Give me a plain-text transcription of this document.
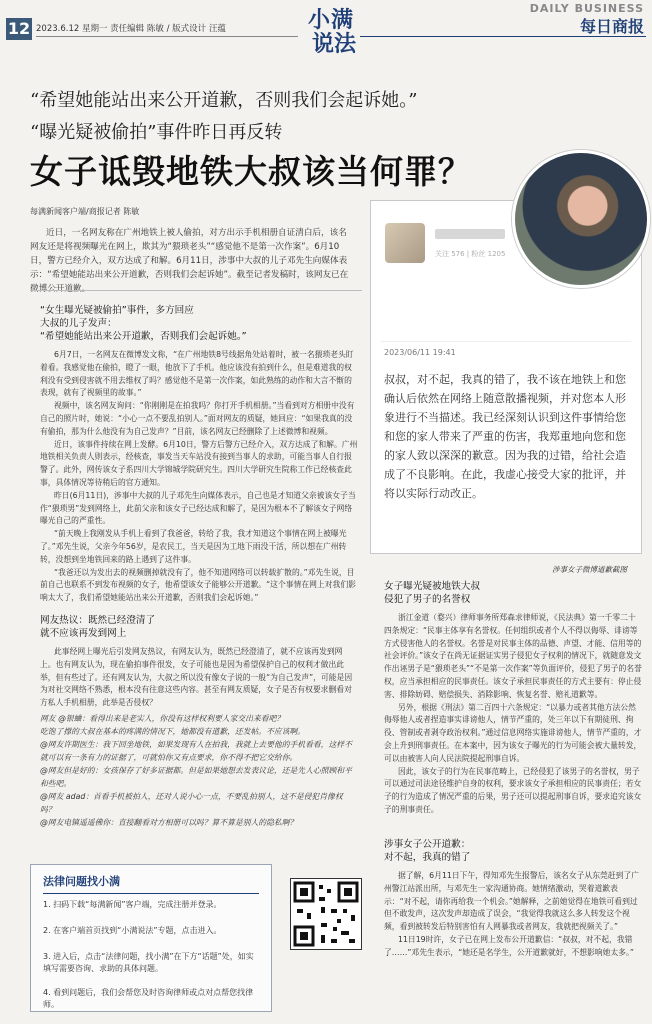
12 2023.6.12 星期一 责任编辑 陈敏 / 版式设计 汪蕴	小满
说法
DAILY BUSINESS
每日商报
“希望她能站出来公开道歉，否则我们会起诉她。”
“曝光疑被偷拍”事件昨日再反转
女子诋毁地铁大叔该当何罪？
每满新闻客户端/商报记者 陈敏
近日，一名网友称在广州地铁上被人偷拍，对方出示手机相册自证清白后，该名网友还是将视频曝光在网上，欺其为“猥琐老头”“感觉他不是第一次作案”。6月10日，警方已经介入，双方达成了和解。6月11日，涉事中大叔的儿子邓先生向媒体表示：“希望她能站出来公开道歉，否则我们会起诉她”。截至记者发稿时，该网友已在微博公开道歉。
“女生曝光疑被偷拍”事件，多方回应
大叔的儿子发声：
“希望她能站出来公开道歉，否则我们会起诉她。”

6月7日，一名网友在微博发文称，“在广州地铁8号线据角处站着时，被一名猥琐老头盯着看。我感觉他在偷拍，瞪了一眼，他放下了手机。他应该没有拍到什么，但是难道我的权利没有受到侵害就不用去维权了吗？感觉他不是第一次作案，如此熟练的动作和大言不惭的表现，就有了视频里的故事。”

视频中，该名网友询问：“你刚刚是在拍我吗？你打开手机相册。”当看到对方相册中没有自己的照片时，她说：“小心一点不要乱拍别人。”面对网友的质疑，她回应：“如果我真的没有偷拍，那为什么他没有为自己发声？”目前，该名网友已经删除了上述微博和视频。

近日，该事件持续在网上发酵。6月10日，警方后警方已经介入，双方达成了和解。广州地铁相关负责人则表示，经核查，事发当天车站没有接到当事人的求助，可能当事人自行报警了。此外，网传该女子系四川大学锦城学院研究生。四川大学研究生院称工作已经核查此事，具体情况等待稍后的官方通知。

昨日(6月11日)，涉事中大叔的儿子邓先生向媒体表示，自己也是才知道父亲被该女子当作“猥琐男”发到网络上，此前父亲和该女子已经达成和解了，是因为根本不了解该女子网络曝光自己的严重性。

“前天晚上我刚发从手机上看到了我爸爸，转给了我，我才知道这个事情在网上被曝光了。”邓先生说，父亲今年56岁，是农民工，当天是因为工地下雨没干活，所以想在广州转转，没想到坐地铁回来的路上遇到了这件事。

“我爸还以为发出去的视频删掉就没有了，他不知道网络可以转载扩散的。”邓先生说，目前自己也联系不到发布视频的女子，他希望该女子能够公开道歉。“这个事情在网上对我们影响太大了，我们希望她能站出来公开道歉，否则我们会起诉她。”

网友热议：既然已经澄清了
就不应该再发到网上

此事经网上曝光后引发网友热议，有网友认为，既然已经澄清了，就不应该再发到网上。也有网友认为，现在偷拍事件很发，女子可能也是因为希望保护自己的权利才做出此举，但有些过了。还有网友认为，大叔之所以没有像女子说的一般“为自己发声”，可能是因为对社交网络不熟悉，根本没有往意这些内容。甚至有网友质疑，女子是否有权要求删看对方私人手机相册，此举是否侵权？

网友 @银蛐：看得出来是老实人，你没有这样权利要人家交出来看吧？

吃饱了撑的大叔在基本的疼满的情况下，她都没有道歉，还发帖。不应该啊。

@网友许期医生：我下回坐地铁，如果发现有人在拍我，我就上去要他的手机看看，这样不就可以有一条有力的证据了，可就怕你又有点要求，你不得不把它交给你。

@网友但是好的：女孩保存了好多证据都。但是如果她想去发表议论，还是先人心照顾和平和些吧。

@网友 adad：首看手机被拍人，还对人说小心一点，不要乱拍别人，这不是侵犯肖像权吗？

@网友电镇遥遥佛你：直接翻看对方相册可以吗？算不算是别人的隐私啊？

法律问题找小满
1. 扫码下载“每满新闻”客户端，完成注册并登录。
2. 在客户端首页找到“小满说法”专题，点击进入。
3. 进入后，点击“法律问题，找小满”在下方“话题”处，如实填写需要咨询、求助的具体问题。
4. 看到问题后，我们会帮您及时咨询律师或点对点帮您找律师。
关注 576 | 粉丝 1205
2023/06/11 19:41
叔叔，对不起，我真的错了，我不该在地铁上和您确认后依然在网络上随意散播视频，并对您本人形象进行不当描述。我已经深刻认识到这件事情给您和您的家人带来了严重的伤害，我郑重地向您和您的家人致以深深的歉意。因为我的过错，给社会造成了不良影响。在此，我虚心接受大家的批评，并将以实际行动改正。
涉事女子微博道歉截图
女子曝光疑被地铁大叔
侵犯了男子的名誉权

浙江金道（婺兴）律师事务所郑森求律师说，《民法典》第一千零二十四条规定：“民事主体享有名誉权。任何组织或者个人不得以侮辱、诽谤等方式侵害他人的名誉权。名誉是对民事主体的品德、声望、才能、信用等的社会评价。”该女子在尚无证据证实男子侵犯女子权利的情况下，就随意发文作出诬男子是“猥琐老头”“不是第一次作案”等负面评价，侵犯了男子的名誉权，应当承担相应的民事责任。该女子承担民事责任的方式主要有：停止侵害、排除妨碍、赔偿损失、消除影响、恢复名誉、赔礼道歉等。

另外，根据《刑法》第二百四十六条规定：“以暴力或者其他方法公然侮辱他人或者捏造事实诽谤他人，情节严重的，处三年以下有期徒刑、拘役、管制或者剥夺政治权利。”通过信息网络实施诽谤他人，情节严重的，才会上升到刑事责任。在本案中，因为该女子曝光的行为可能会被大量转发，可以由被害人向人民法院提起刑事自诉。

因此，该女子的行为在民事范畴上，已经侵犯了该男子的名誉权，男子可以通过司法途径维护自身的权利，要求该女子承担相应的民事责任；若女子的行为造成了情况严重的后果，男子还可以提起刑事自诉，要求追究该女子的刑事责任。

涉事女子公开道歉：
对不起，我真的错了

据了解，6月11日下午，得知邓先生报警后，该名女子从东莞赶到了广州警江站派出所，与邓先生一家沟通协商。她情绪激动，哭着道歉表示：“对不起，请你再给我一个机会。”她解释，之前她觉得在地铁可看到过但不敢发声，这次发声却造成了误会，“我觉得我就这么多人转发这个视频，看到被转发后特别害怕有人网暴我或者网友，我就把视频关了。”

11日19时许，女子已在网上发布公开道歉信：“叔叔，对不起，我错了……”邓先生表示，“她还是名学生，公开道歉就好，不想影响她太多。”
